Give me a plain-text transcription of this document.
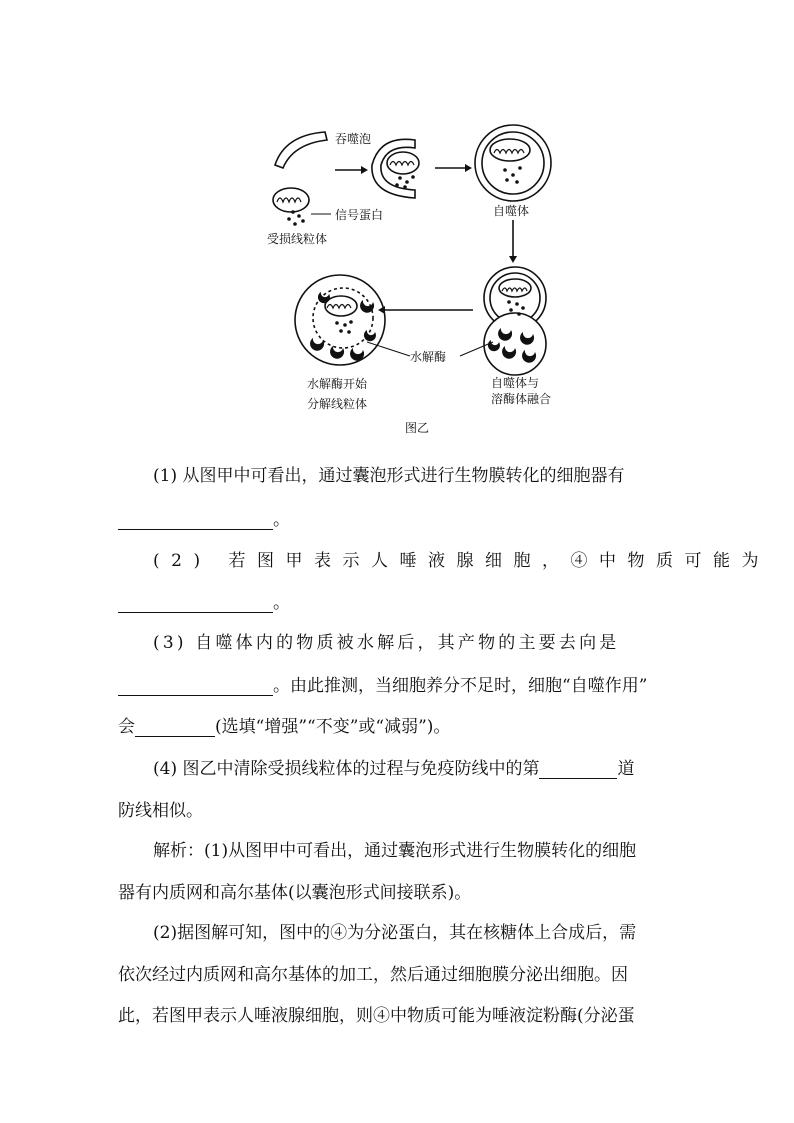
吞噬泡
信号蛋白
受损线粒体
自噬体
水解酶
自噬体与
溶酶体融合
水解酶开始
分解线粒体
图乙
(1) 从图甲中可看出，通过囊泡形式进行生物膜转化的细胞器有
。
(2) 若图甲表示人唾液腺细胞，④中物质可能为
。
(3) 自噬体内的物质被水解后，其产物的主要去向是
。由此推测，当细胞养分不足时，细胞“自噬作用”
会	(选填“增强”“不变”或“减弱”)。
(4) 图乙中清除受损线粒体的过程与免疫防线中的第	道
防线相似。
解析：(1)从图甲中可看出，通过囊泡形式进行生物膜转化的细胞
器有内质网和高尔基体(以囊泡形式间接联系)。
(2)据图解可知，图中的④为分泌蛋白，其在核糖体上合成后，需
依次经过内质网和高尔基体的加工，然后通过细胞膜分泌出细胞。因
此，若图甲表示人唾液腺细胞，则④中物质可能为唾液淀粉酶(分泌蛋
